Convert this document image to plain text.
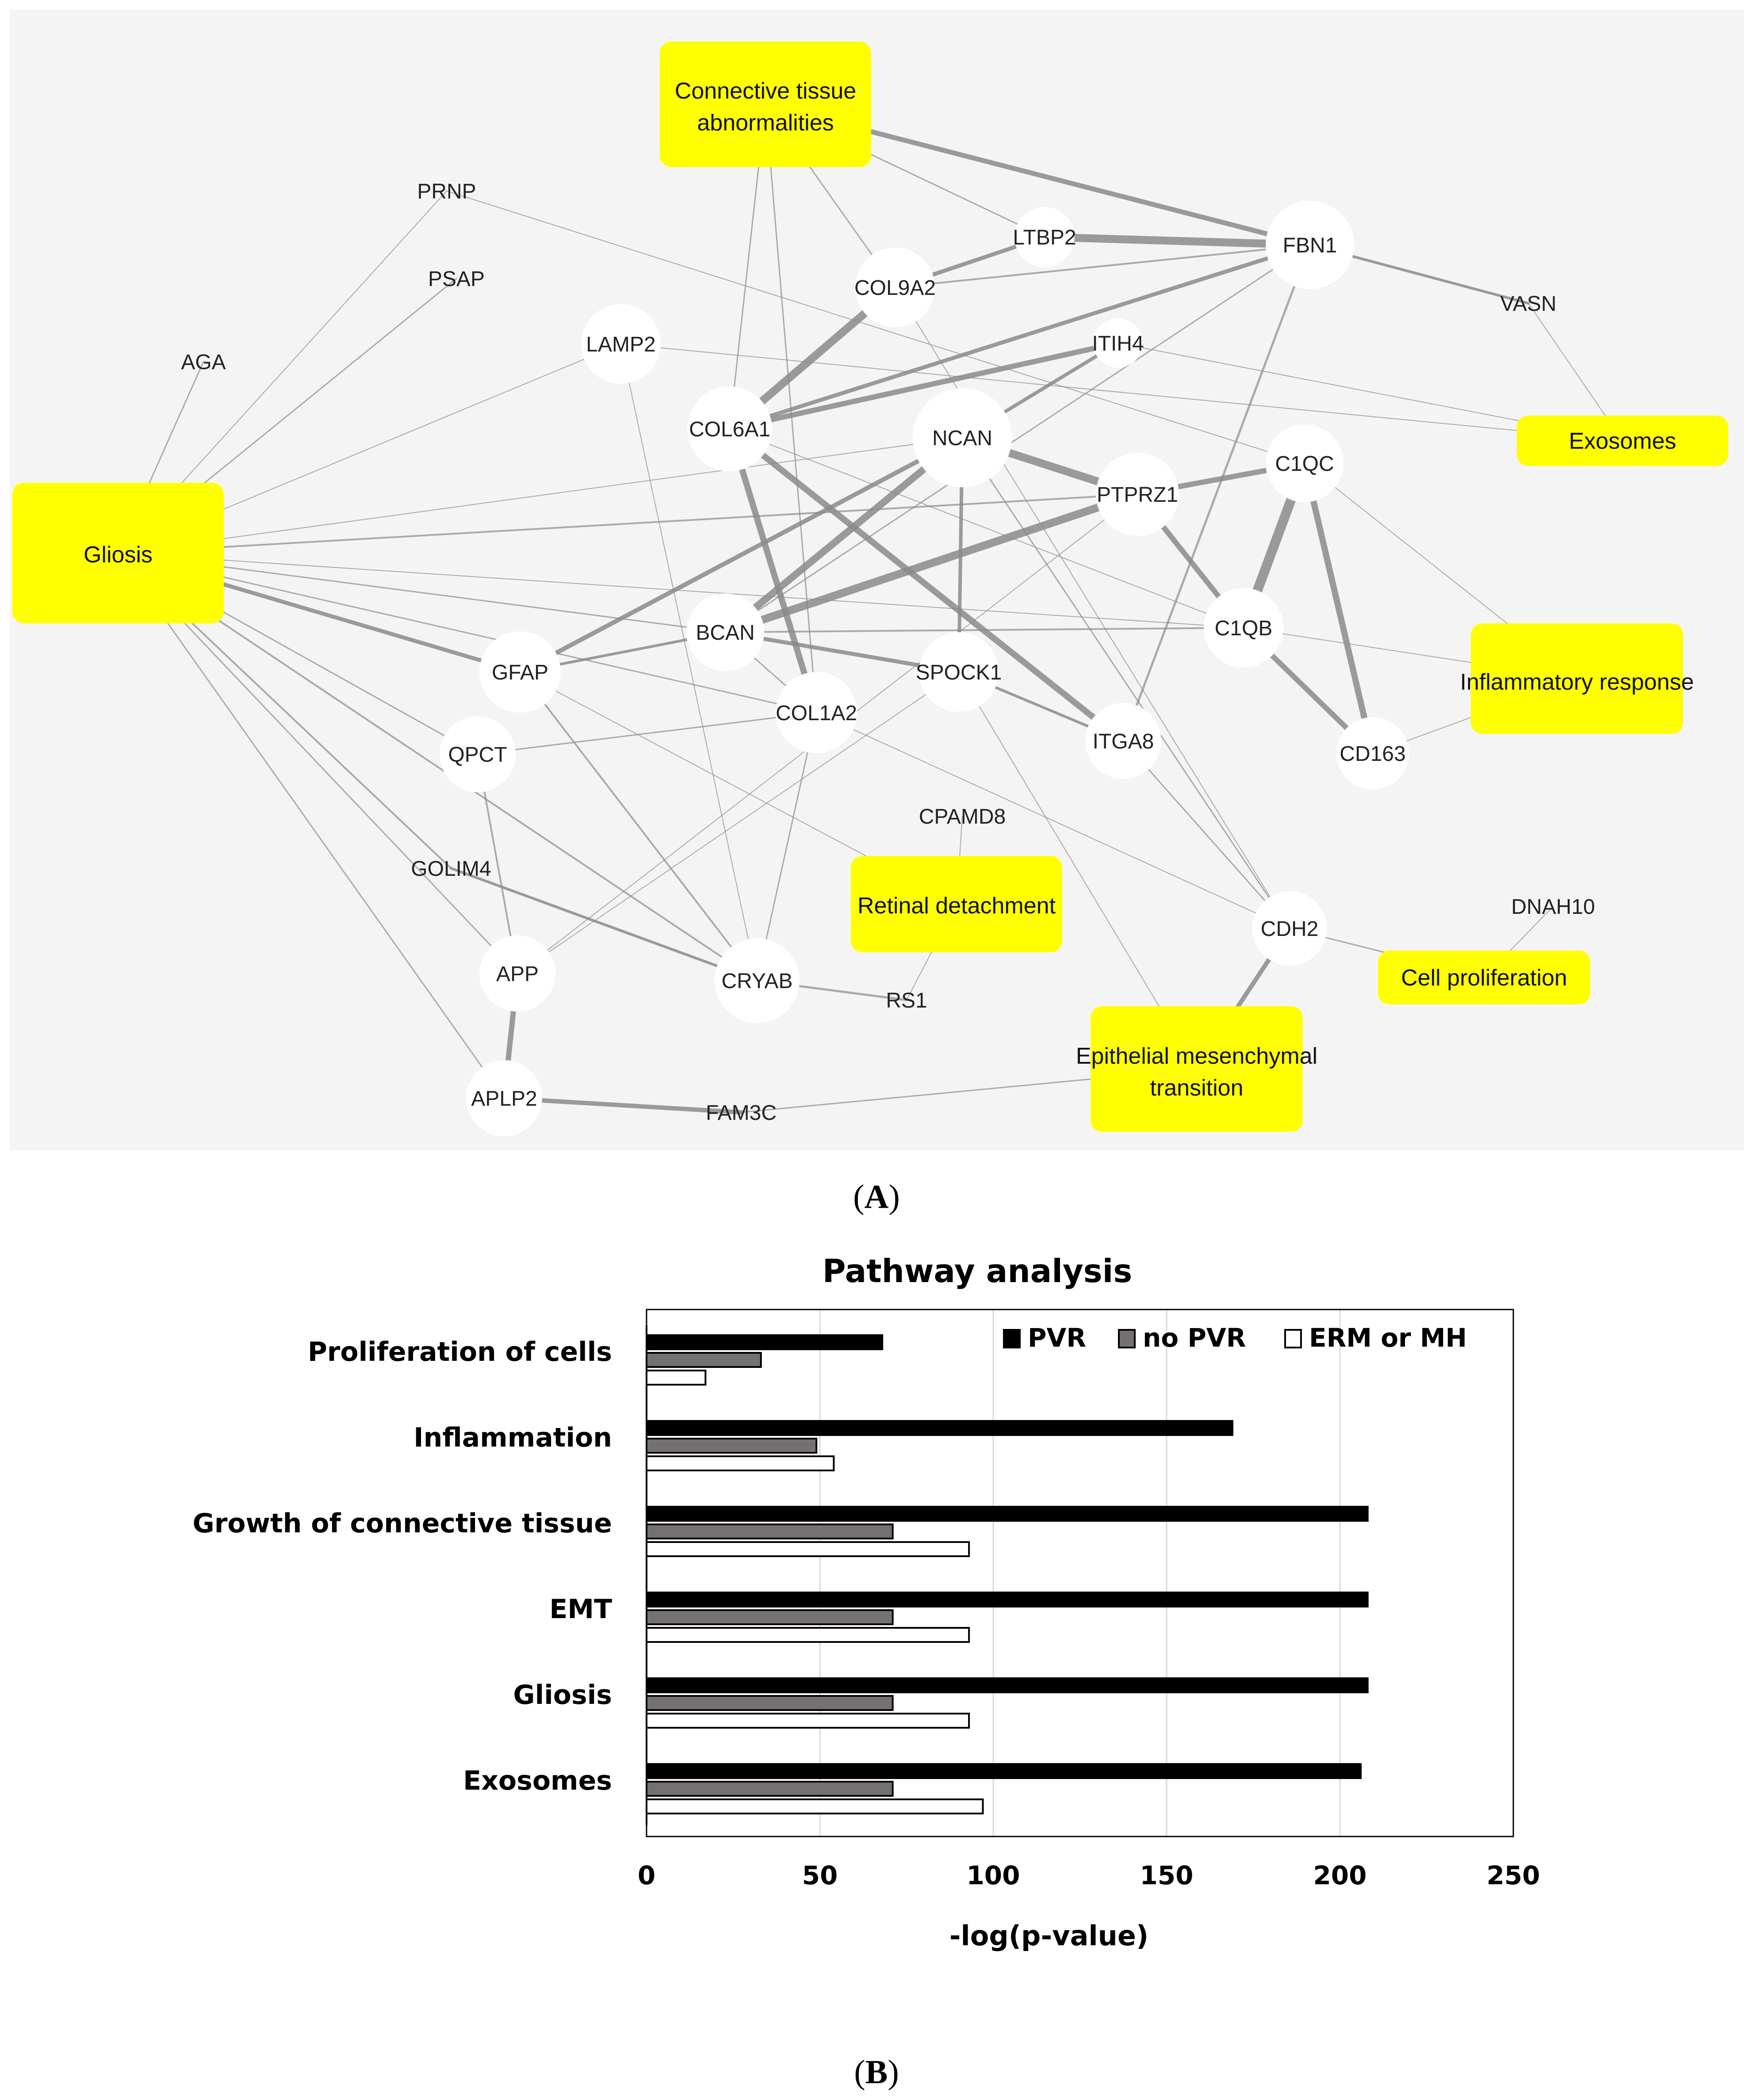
PRNP
PSAP
AGA
LAMP2
COL9A2
LTBP2	FBN1
VASN
ITIH4
COL6A1	NCAN
C1QC
PTPRZ1
BCAN	C1QB
GFAP	SPOCK1
COL1A2
ITGA8
CD163
QPCT
CPAMD8
GOLIM4
APP	CRYAB
RS1
CDH2
DNAH10
APLP2
FAM3C
Connective tissue
abnormalities
Gliosis
Exosomes
Inflammatory response
Retinal detachment
Cell proliferation
Epithelial mesenchymal
transition
(A)
Pathway analysis
Proliferation of cells
Inflammation
Growth of connective tissue
EMT
Gliosis
Exosomes
0	50	100	150	200	250
PVR no PVR ERM or MH
-log(p-value)
(B)
